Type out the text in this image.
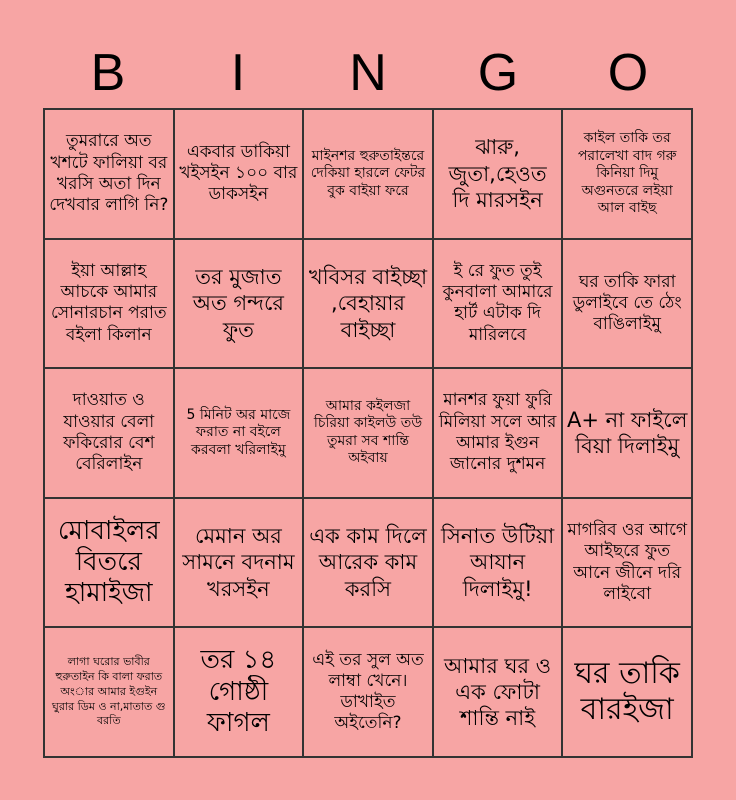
B	I	N	G	O
তুমরারে অত খশটে ফালিয়া বর খরসি অতা দিন দেখবার লাগি নি?
একবার ডাকিয়া খইসইন ১০০ বার ডাকসইন
মাইনশর হুরুতাইন্তরে দেকিয়া হারলে ফেটর বুক বাইয়া ফরে
ঝারু, জুতা,হেওত দি মারসইন
কাইল তাকি তর পরালেখা বাদ গরু কিনিয়া দিমু অগুনতরে লইয়া আল বাইছ
ইয়া আল্লাহ আচকে আমার সোনারচান পরাত বইলা কিলান
তর মুজাত অত গন্দরে ফুত
খবিসর বাইচ্ছা ,বেহায়ার বাইচ্ছা
ই রে ফুত তুই কুনবালা আমারে হার্ট এটাক দি মারিলবে
ঘর তাকি ফারা ডুলাইবে তে ঠেং বাঙিলাইমু
দাওয়াত ও যাওয়ার বেলা ফকিরোর বেশ বেরিলাইন
5 মিনিট অর মাজে ফরাত না বইলে করবলা খরিলাইমু
আমার কইলজা চিরিয়া কাইলউ তউ তুমরা সব শান্তি অইবায়
মানশর ফুয়া ফুরি মিলিয়া সলে আর আমার ইগুন জানোর দুশমন
A+ না ফাইলে বিয়া দিলাইমু
মোবাইলর বিতরে হামাইজা
মেমান অর সামনে বদনাম খরসইন
এক কাম দিলে আরেক কাম করসি
সিনাত উটিয়া আযান দিলাইমু!
মাগরিব ওর আগে আইছরে ফুত আনে জীনে দরি লাইবো
লাগা ঘরোর ভাবীর হুরুতাইন কি বালা ফরাত অংার আমার ইগুইন ঘুরার ডিম ও না,মাতাত গু বরতি
তর ১৪ গোষ্ঠী ফাগল
এই তর সুল অত লাম্বা খেনে। ডাখাইত অইতেনি?
আমার ঘর ও এক ফোটা শান্তি নাই
ঘর তাকি বারইজা
